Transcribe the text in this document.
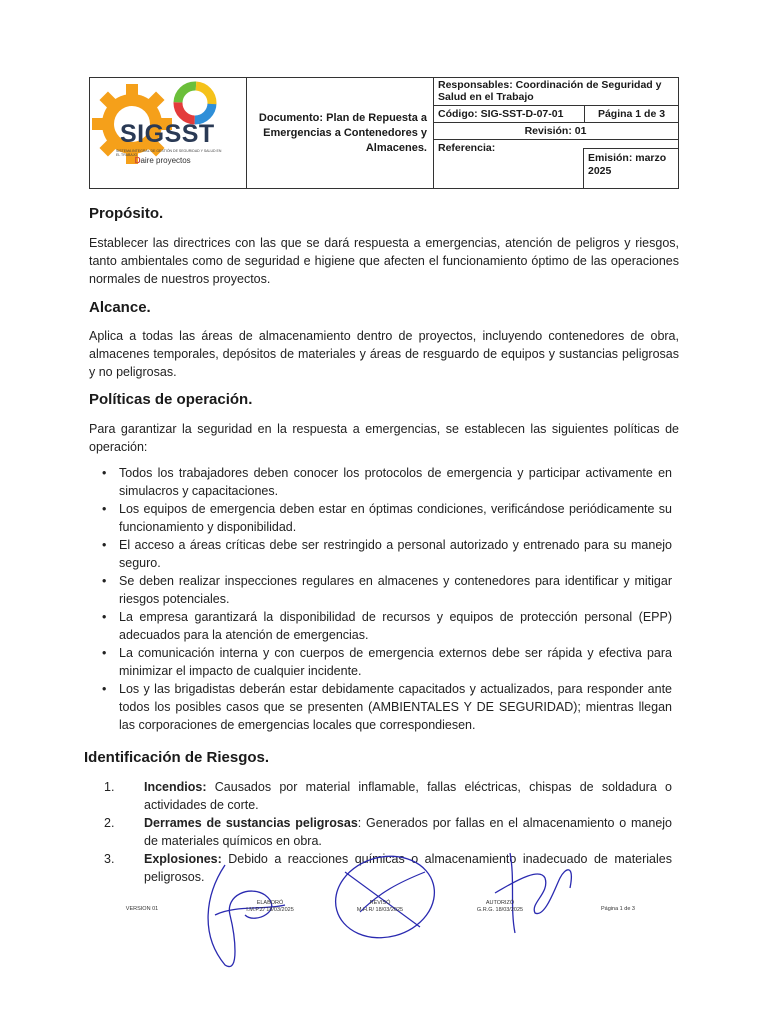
SIGSST
SISTEMA INTEGRAL DE GESTIÓN DE SEGURIDAD Y SALUD EN EL TRABAJO
Ꭰaire proyectos
Documento: Plan de Repuesta a Emergencias a Contenedores y Almacenes.
Responsables: Coordinación de Seguridad y Salud en el Trabajo
Código: SIG-SST-D-07-01	Página 1 de 3
Revisión: 01
Referencia:
Emisión: marzo 2025
Propósito.
Establecer las directrices con las que se dará respuesta a emergencias, atención de peligros y riesgos, tanto ambientales como de seguridad e higiene que afecten el funcionamiento óptimo de las operaciones normales de nuestros proyectos.
Alcance.
Aplica a todas las áreas de almacenamiento dentro de proyectos, incluyendo contenedores de obra, almacenes temporales, depósitos de materiales y áreas de resguardo de equipos y sustancias peligrosas y no peligrosas.
Políticas de operación.
Para garantizar la seguridad en la respuesta a emergencias, se establecen las siguientes políticas de operación:
• Todos los trabajadores deben conocer los protocolos de emergencia y participar activamente en simulacros y capacitaciones.
• Los equipos de emergencia deben estar en óptimas condiciones, verificándose periódicamente su funcionamiento y disponibilidad.
• El acceso a áreas críticas debe ser restringido a personal autorizado y entrenado para su manejo seguro.
• Se deben realizar inspecciones regulares en almacenes y contenedores para identificar y mitigar riesgos potenciales.
• La empresa garantizará la disponibilidad de recursos y equipos de protección personal (EPP) adecuados para la atención de emergencias.
• La comunicación interna y con cuerpos de emergencia externos debe ser rápida y efectiva para minimizar el impacto de cualquier incidente.
• Los y las brigadistas deberán estar debidamente capacitados y actualizados, para responder ante todos los posibles casos que se presenten (AMBIENTALES Y DE SEGURIDAD); mientras llegan las corporaciones de emergencias locales que correspondiesen.
Identificación de Riesgos.
1. Incendios: Causados por material inflamable, fallas eléctricas, chispas de soldadura o actividades de corte.
2. Derrames de sustancias peligrosas: Generados por fallas en el almacenamiento o manejo de materiales químicos en obra.
3. Explosiones: Debido a reacciones químicas o almacenamiento inadecuado de materiales peligrosos.
VERSION 01
ELABORÓ
I.M.P.Z/ 18/03/2025
REVISÓ
M.H.R/ 18/03/2025
AUTORIZÓ
G.R.G. 18/03/2025	Página 1 de 3
